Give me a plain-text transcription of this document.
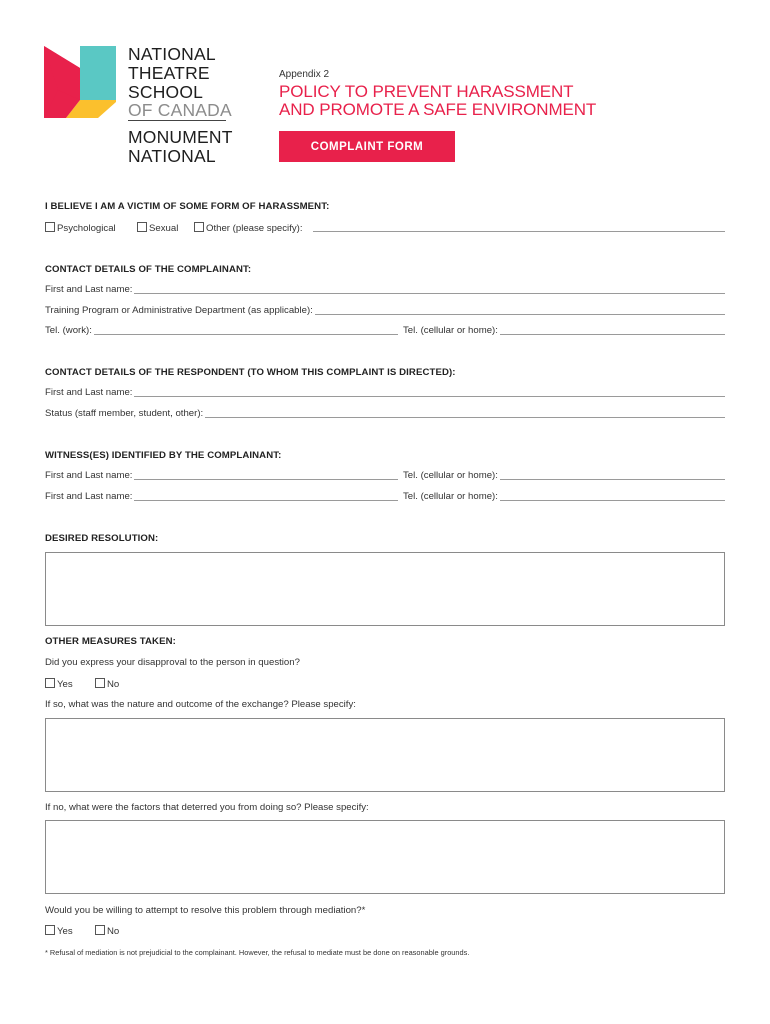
NATIONAL
THEATRE
SCHOOL
OF CANADA
MONUMENT
NATIONAL
Appendix 2
POLICY TO PREVENT HARASSMENT
AND PROMOTE A SAFE ENVIRONMENT
COMPLAINT FORM
I BELIEVE I AM A VICTIM OF SOME FORM OF HARASSMENT:
Psychological	Sexual	Other (please specify):
CONTACT DETAILS OF THE COMPLAINANT:
First and Last name:
Training Program or Administrative Department (as applicable):
Tel. (work):	Tel. (cellular or home):
CONTACT DETAILS OF THE RESPONDENT (TO WHOM THIS COMPLAINT IS DIRECTED):
First and Last name:
Status (staff member, student, other):
WITNESS(ES) IDENTIFIED BY THE COMPLAINANT:
First and Last name:	Tel. (cellular or home):
First and Last name:	Tel. (cellular or home):
DESIRED RESOLUTION:
OTHER MEASURES TAKEN:
Did you express your disapproval to the person in question?
Yes	No
If so, what was the nature and outcome of the exchange? Please specify:
If no, what were the factors that deterred you from doing so? Please specify:
Would you be willing to attempt to resolve this problem through mediation?*
Yes	No
* Refusal of mediation is not prejudicial to the complainant. However, the refusal to mediate must be done on reasonable grounds.
